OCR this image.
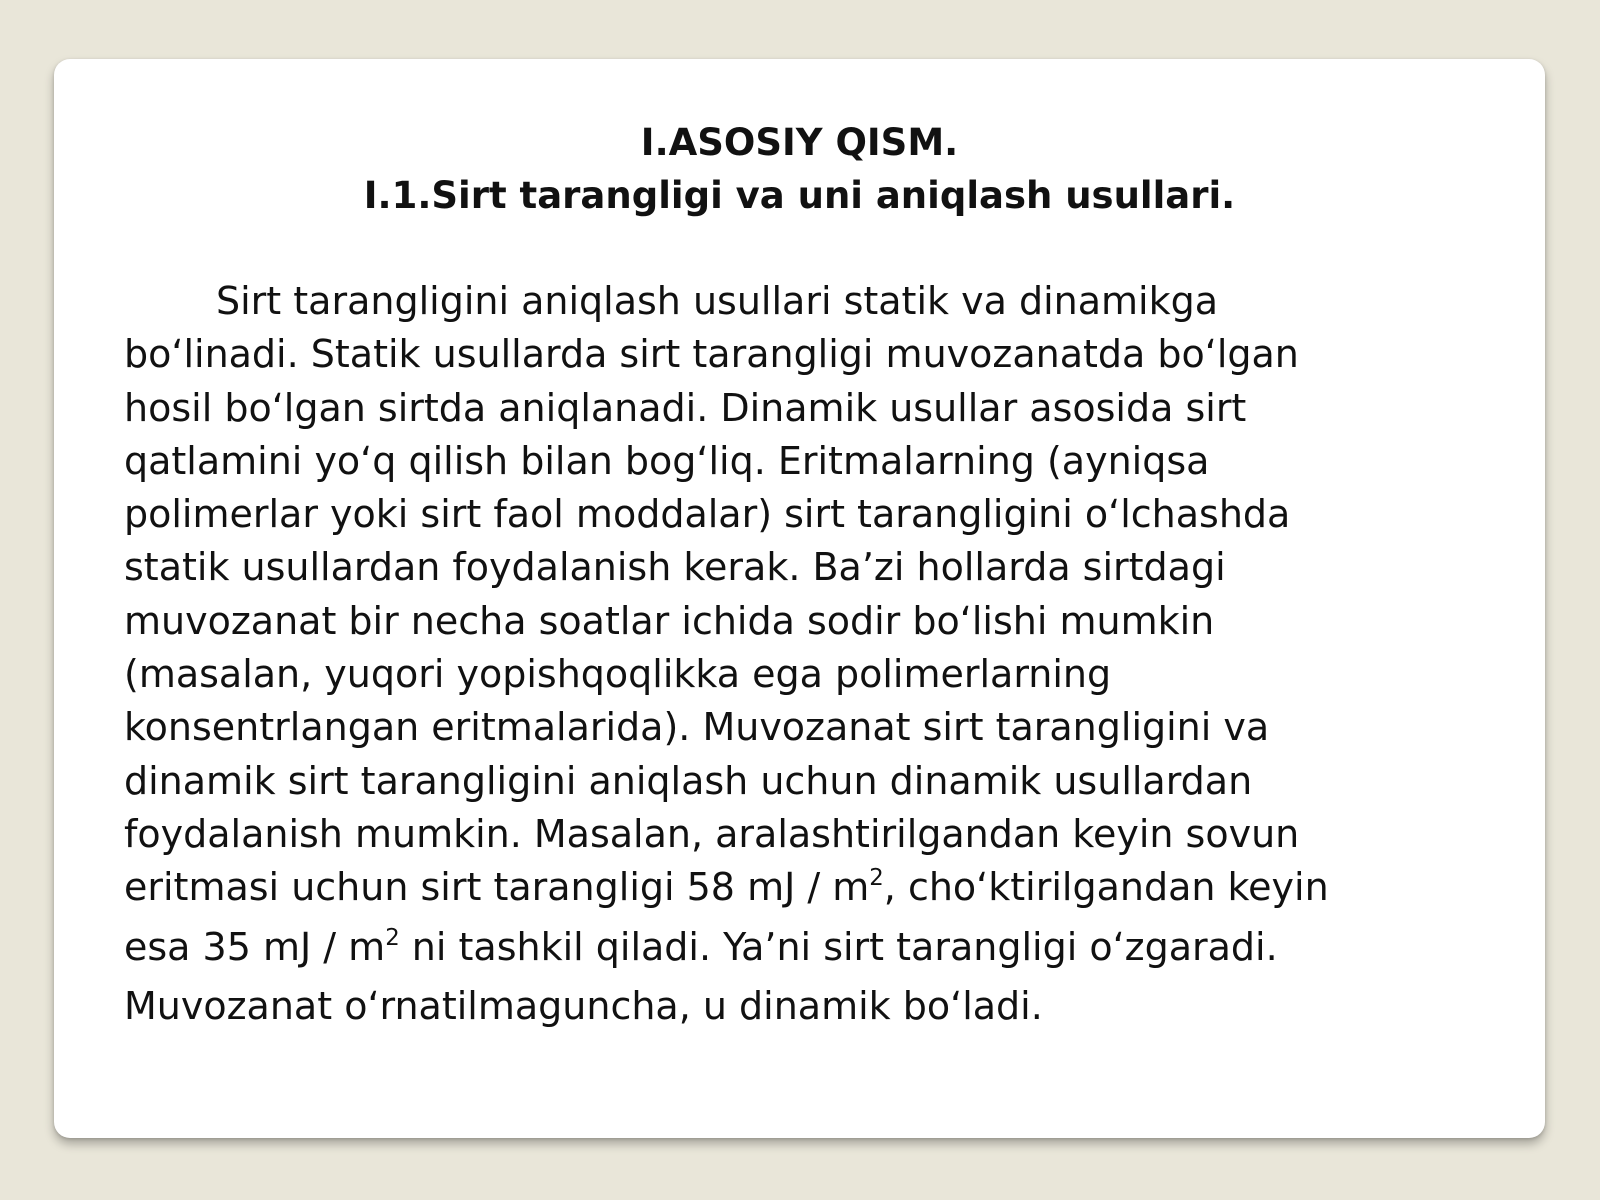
I.ASOSIY QISM.
I.1.Sirt tarangligi va uni aniqlash usullari.
Sirt tarangligini aniqlash usullari statik va dinamikga
bo‘linadi. Statik usullarda sirt tarangligi muvozanatda bo‘lgan
hosil bo‘lgan sirtda aniqlanadi. Dinamik usullar asosida sirt
qatlamini yo‘q qilish bilan bog‘liq. Eritmalarning (ayniqsa
polimerlar yoki sirt faol moddalar) sirt tarangligini o‘lchashda
statik usullardan foydalanish kerak. Ba’zi hollarda sirtdagi
muvozanat bir necha soatlar ichida sodir bo‘lishi mumkin
(masalan, yuqori yopishqoqlikka ega polimerlarning
konsentrlangan eritmalarida). Muvozanat sirt tarangligini va
dinamik sirt tarangligini aniqlash uchun dinamik usullardan
foydalanish mumkin. Masalan, aralashtirilgandan keyin sovun
eritmasi uchun sirt tarangligi 58 mJ / $m^2$, cho‘ktirilgandan keyin
esa 35 mJ / $m^2$ ni tashkil qiladi. Ya’ni sirt tarangligi o‘zgaradi.
Muvozanat o‘rnatilmaguncha, u dinamik bo‘ladi.
